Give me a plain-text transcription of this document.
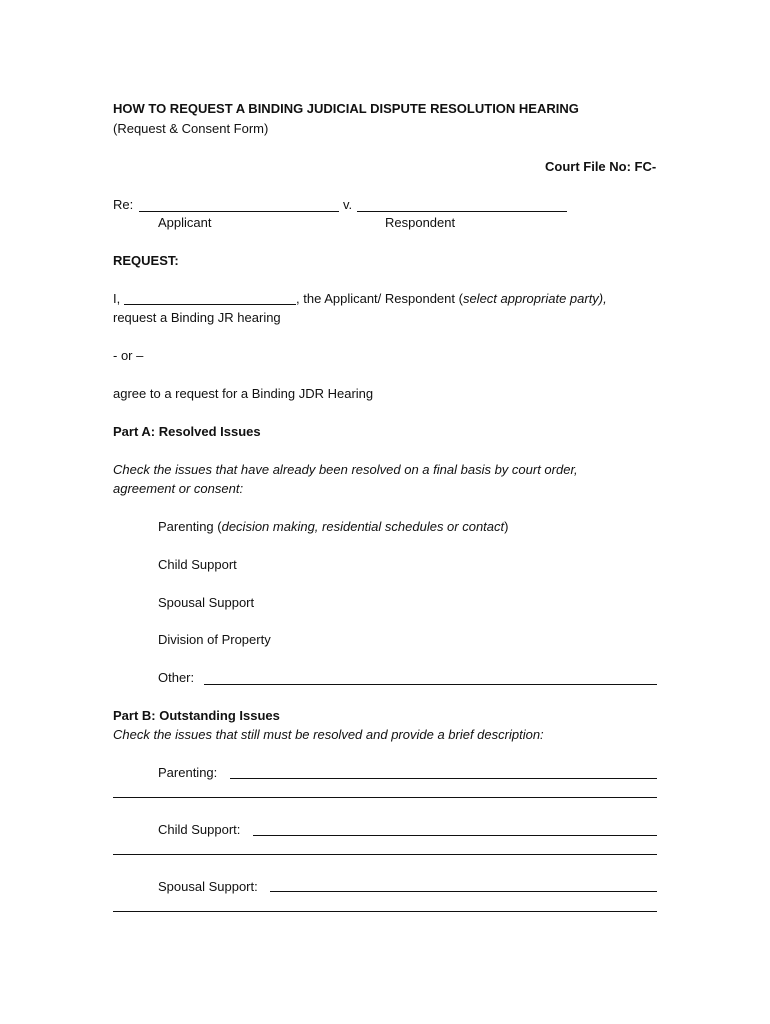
HOW TO REQUEST A BINDING JUDICIAL DISPUTE RESOLUTION HEARING
(Request & Consent Form)
Court File No: FC-
Re:	v.
Applicant	Respondent
REQUEST:
I,	, the Applicant/ Respondent (select appropriate party),
request a Binding JR hearing
- or –
agree to a request for a Binding JDR Hearing
Part A: Resolved Issues
Check the issues that have already been resolved on a final basis by court order,
agreement or consent:
Parenting (decision making, residential schedules or contact)
Child Support
Spousal Support
Division of Property
Other:
Part B: Outstanding Issues
Check the issues that still must be resolved and provide a brief description:
Parenting:
Child Support:
Spousal Support:
